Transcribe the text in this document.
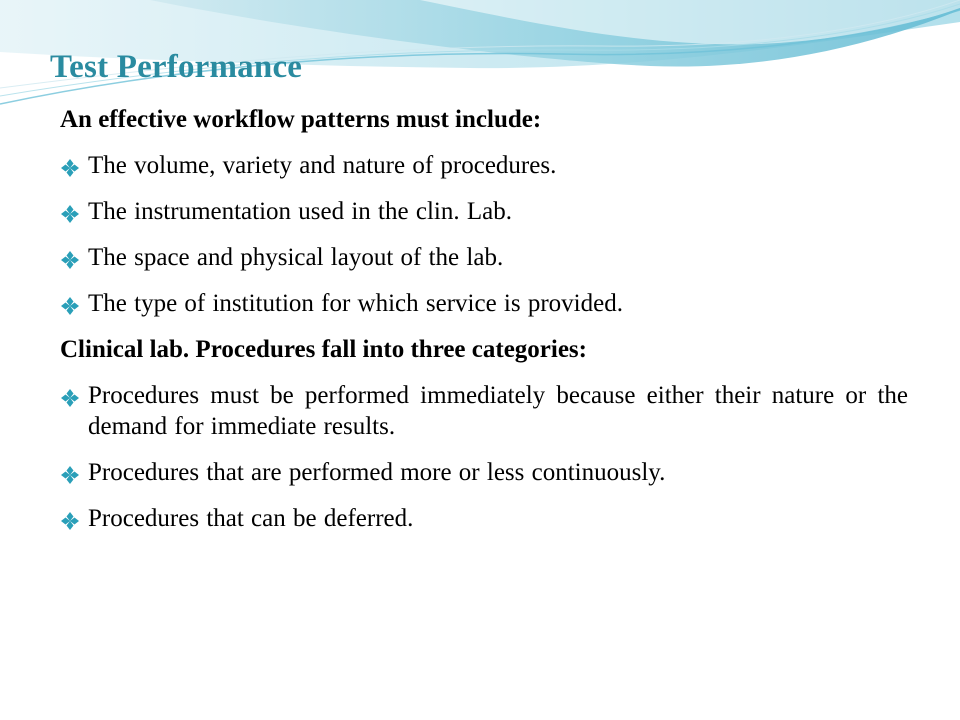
Test Performance
An effective workflow patterns must include:
The volume, variety and nature of procedures.
The instrumentation used in the clin. Lab.
The space and physical layout of the lab.
The type of institution for which service is provided.
Clinical lab. Procedures fall into three categories:
Procedures must be performed immediately because either their nature or the demand for immediate results.
Procedures that are performed more or less continuously.
Procedures that can be deferred.
